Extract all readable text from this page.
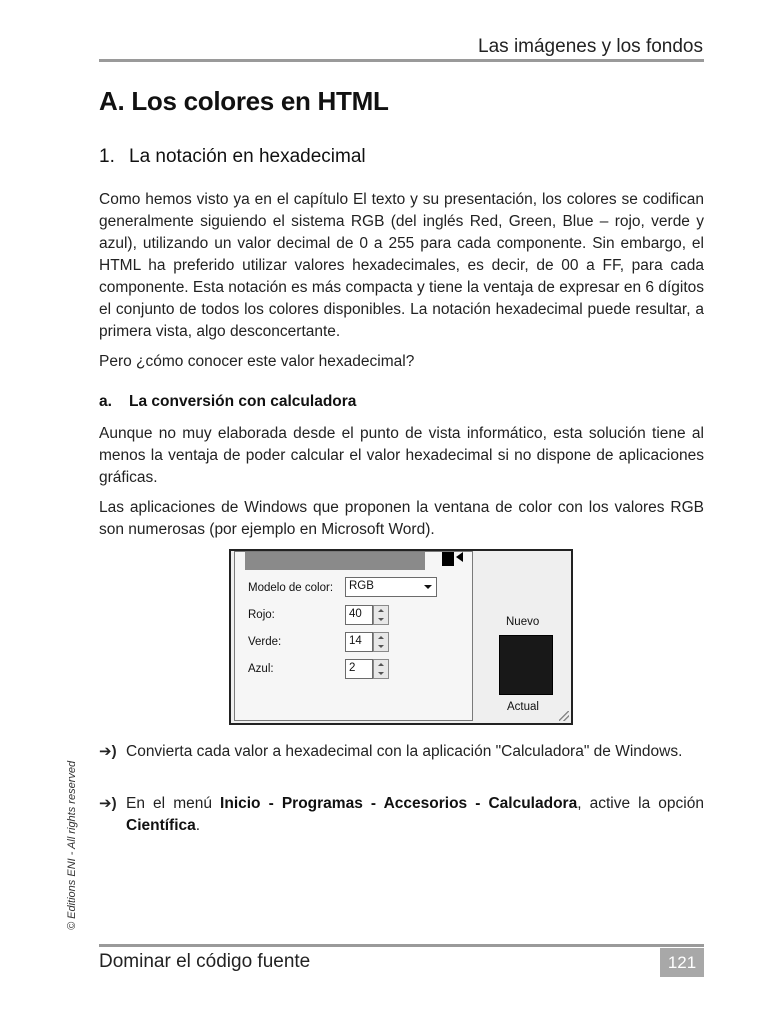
Las imágenes y los fondos
A. Los colores en HTML
1. La notación en hexadecimal

Como hemos visto ya en el capítulo El texto y su presentación, los colores se codifican generalmente siguiendo el sistema RGB (del inglés Red, Green, Blue – rojo, verde y azul), utilizando un valor decimal de 0 a 255 para cada componente. Sin embargo, el HTML ha preferido utilizar valores hexadecimales, es decir, de 00 a FF, para cada componente. Esta notación es más compacta y tiene la ventaja de expresar en 6 dígitos el conjunto de todos los colores disponibles. La notación hexadecimal puede resultar, a primera vista, algo desconcertante.

Pero ¿cómo conocer este valor hexadecimal?

a. La conversión con calculadora

Aunque no muy elaborada desde el punto de vista informático, esta solución tiene al menos la ventaja de poder calcular el valor hexadecimal si no dispone de aplicaciones gráficas.

Las aplicaciones de Windows que proponen la ventana de color con los valores RGB son numerosas (por ejemplo en Microsoft Word).

Modelo de color:	RGB
Rojo:	40
Verde:	14
Azul:	2
Nuevo
Actual
➔) Convierta cada valor a hexadecimal con la aplicación "Calculadora" de Windows.
➔) En el menú Inicio - Programas - Accesorios - Calculadora, active la opción Científica.
© Editions ENI - All rights reserved
Dominar el código fuente	121
